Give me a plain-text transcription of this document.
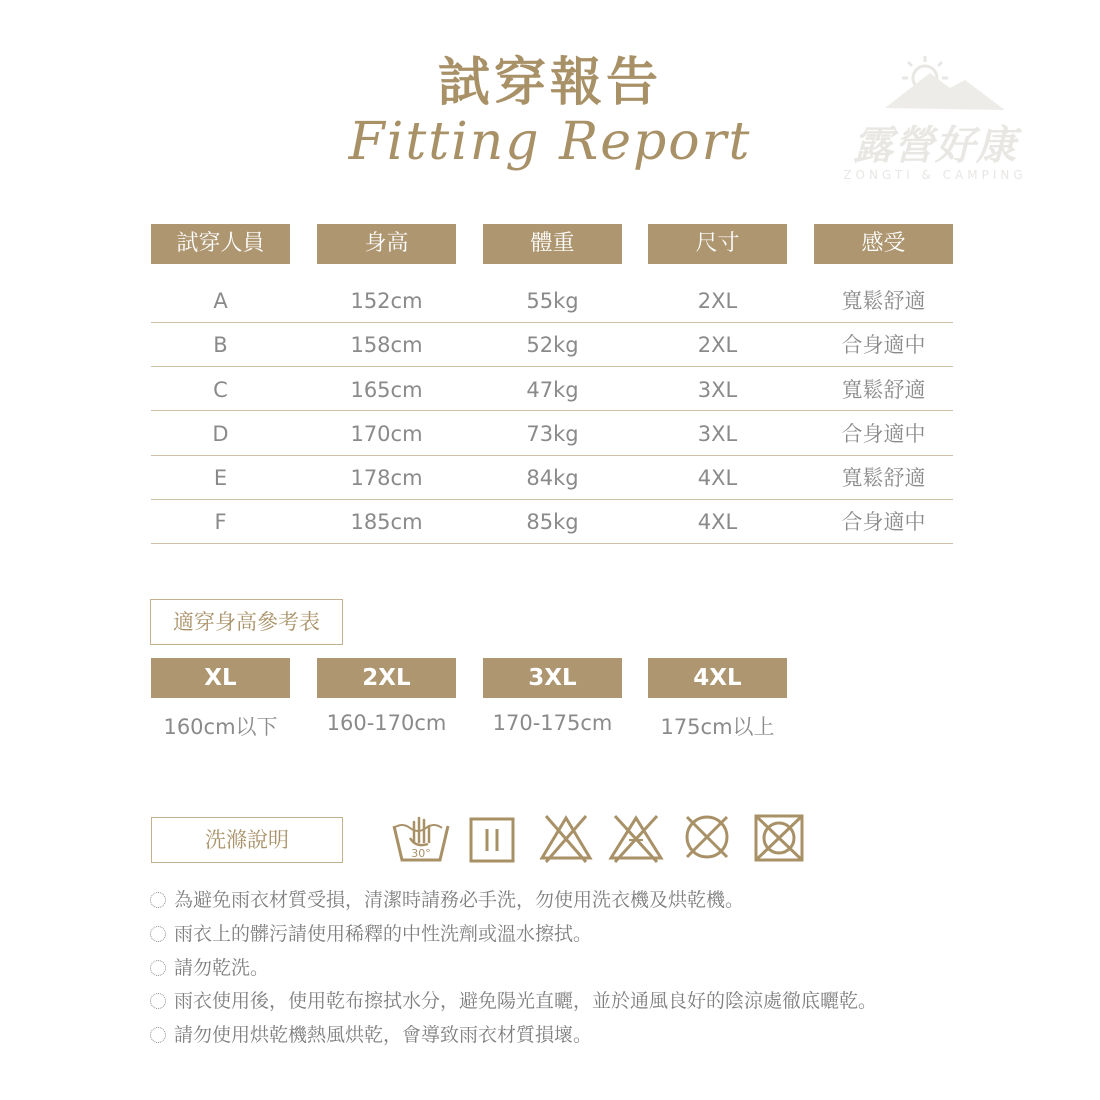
試穿報告
Fitting Report	露營好康
ZONGTI & CAMPING
試穿人員	身高	體重	尺寸	感受
A	152cm	55kg	2XL	寬鬆舒適
B	158cm	52kg	2XL	合身適中
C	165cm	47kg	3XL	寬鬆舒適
D	170cm	73kg	3XL	合身適中
E	178cm	84kg	4XL	寬鬆舒適
F	185cm	85kg	4XL	合身適中
適穿身高參考表
XL	2XL	3XL	4XL
160cm以下	160-170cm	170-175cm	175cm以上
洗滌說明
30°
為避免雨衣材質受損，清潔時請務必手洗，勿使用洗衣機及烘乾機。
雨衣上的髒污請使用稀釋的中性洗劑或溫水擦拭。
請勿乾洗。
雨衣使用後，使用乾布擦拭水分，避免陽光直曬，並於通風良好的陰涼處徹底曬乾。
請勿使用烘乾機熱風烘乾，會導致雨衣材質損壞。
